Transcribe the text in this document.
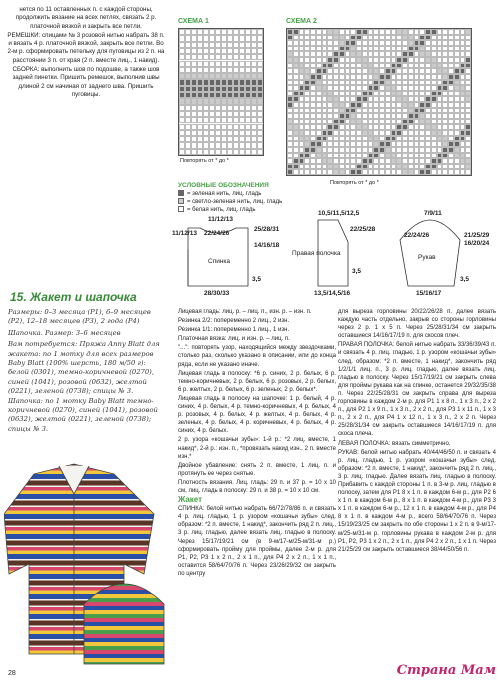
нется по 11 оставленных п. с каждой стороны, продолжить вязание на всех петлях, связать 2 р. платочной вязкой и закрыть все петли.

РЕМЕШКИ: спицами № 3 розовой нитью набрать 38 п. и вязать 4 р. платочной вязкой, закрыть все петли. Во 2-м р. сформировать петельку для пуговицы из 2 п. на расстоянии 3 п. от края (2 п. вместе лиц., 1 накид).

СБОРКА: выполнить шов по подошве, а также шов задней пинетки. Пришить ремешок, выполнив швы длиной 2 см начиная от заднего шва. Пришить пуговицы.

СХЕМА 1
Повторять от * до *
СХЕМА 2
Повторять от * до *
УСЛОВНЫЕ ОБОЗНАЧЕНИЯ
= зеленая нить, лиц. гладь
= светло-зеленая нить, лиц. гладь
= белая нить, лиц. гладь
11/12/13
25/28/31
11/12/13 22/24/26
14/16/18
Спинка
28/30/33
3,5
10,5/11,5/12,5
22/25/28
Правая полочка
13,5/14,5/16
3,5
7/9/11
22/24/26
Рукав
21/25/29
16/20/24
15/16/17
3,5
15. Жакет и шапочка
Размеры: 0–3 месяца (P1), 6–9 месяцев (P2), 12–18 месяцев (P3), 2 года (P4)
Шапочка. Размер: 3–6 месяцев
Вам потребуется: Пряжа Anny Blatt для жакета: по 1 мотку для всех размеров Baby Blatt (100% шерсть, 180 м/50 г): белой (0301), темно-коричневой (0270), синей (1041), розовой (0632), желтой (0221), зеленой (0738); спицы № 3. Шапочка: по 1 мотку Baby Blatt темно-коричневой (0270), синей (1041), розовой (0632), желтой (0221), зеленой (0738); спицы № 3.

Лицевая гладь: лиц. р. – лиц. п., изн. р. – изн. п.

Резинка 2/2: попеременно 2 лиц., 2 изн.

Резинка 1/1: попеременно 1 лиц., 1 изн.

Платочная вязка: лиц. и изн. р. – лиц. п.

"...": повторять узор, находящийся между звездочками, столько раз, сколько указано в описании, или до конца ряда, если не указано иначе.

Лицевая гладь в полоску: *6 р. синих, 2 р. белых, 6 р. темно-коричневых, 2 р. белых, 6 р. розовых, 2 р. белых, 6 р. желтых, 2 р. белых, 6 р. зеленых, 2 р. белых*.

Лицевая гладь в полоску на шапочке: 1 р. белый, 4 р. синих, 4 р. белых, 4 р. темно-коричневых, 4 р. белых, 4 р. розовых, 4 р. белых, 4 р. желтых, 4 р. белых, 4 р. зеленых, 4 р. белых, 4 р. коричневых, 4 р. белых, 4 р. синих, 4 р. белых.

2 р. узора «кошачьи зубы»: 1-й р.: *2 лиц. вместе, 1 накид*, 2-й р.: изн. п., *провязать накид изн., 2 п. вместе изн.*

Двойное убавление: снять 2 п. вместе, 1 лиц. п. и протянуть ее через снятые.

Плотность вязания. Лиц. гладь: 29 п. и 37 р. = 10 х 10 см, лиц. гладь в полоску: 29 п. и 38 р. = 10 х 10 см.

Жакет

СПИНКА: белой нитью набрать 66/72/78/86 п. и связать 4 р. лиц. гладью, 1 р. узором «кошачьи зубы» след. образом: *2 п. вместе, 1 накид*, закончить ряд 2 п. лиц., 3 р. лиц. гладью, далее вязать лиц. гладью в полоску. Через 15/17/19/21 см (в 9-м/17-м/25-м/31-м р.) сформировать пройму для проймы, далее 2-м р. для P1, P2, P3 1 х 2 п., 2 х 1 п., для P4 2 х 2 п., 1 х 1 п., оставится 58/64/70/76 п. Через 23/26/29/32 см закрыть по центру

для выреза горловины 20/22/26/28 п. далее вязать каждую часть отдельно, закрыв со стороны горловины через 2 р. 1 х 5 п. Через 25/28/31/34 см закрыть оставшиеся 14/16/17/19 п. для скосов плеч.

ПРАВАЯ ПОЛОЧКА: белой нитью набрать 33/36/39/43 п. и связать 4 р. лиц. гладью, 1 р. узором «кошачьи зубы» след. образом: *2 п. вместе, 1 накид*, закончить ряд 1/2/1/1 лиц. п., 3 р. лиц. гладью, далее вязать лиц. гладью в полоску. Через 15/17/19/21 см закрыть слева для проймы рукава как на спинке, останется 29/32/35/38 п. Через 22/25/28/31 см закрыть справа для выреза горловины в каждом 2-м р. для P1 1 х 8 п., 1 х 3 п., 2 х 2 п., для P2 1 х 9 п., 1 х 3 п., 2 х 2 п., для P3 1 х 11 п., 1 х 3 п., 2 х 2 п., для P4 1 х 12 п., 1 х 3 п., 2 х 2 п. Через 25/28/31/34 см закрыть оставшиеся 14/16/17/19 п. для скоса плеча.

ЛЕВАЯ ПОЛОЧКА: вязать симметрично.

РУКАВ: белой нитью набрать 40/44/46/50 п. и связать 4 р. лиц. гладью, 1 р. узором «кошачьи зубы» след. образом: *2 п. вместе, 1 накид*, закончить ряд 2 п. лиц., 3 р. лиц. гладью. Далее вязать лиц. гладью в полоску. Прибавить с каждой стороны 1 п. в 3-м р. лиц. гладью в полоску, затем для P1 8 х 1 п. в каждом 6-м р., для P2 6 х 1 п. в каждом 6-м р., 8 х 1 п. в каждом 4-м р., для P3 3 х 1 п. в каждом 6-м р., 12 х 1 п. в каждом 4-м р., для P4 8 х 1 п. в каждом 4-м р., всего 58/64/70/76 п. Через 15/19/23/25 см закрыть по обе стороны 1 х 2 п. в 9-м/17-м/25-м/31-м р. горловины рукава в каждом 2-м р. для P1, P2, P3 1 х 2 п., 2 х 1 п., для P4 2 х 2 п., 1 х 1 п. Через 21/25/29 см закрыть оставшиеся 38/44/50/56 п.

28	Страна Мам
